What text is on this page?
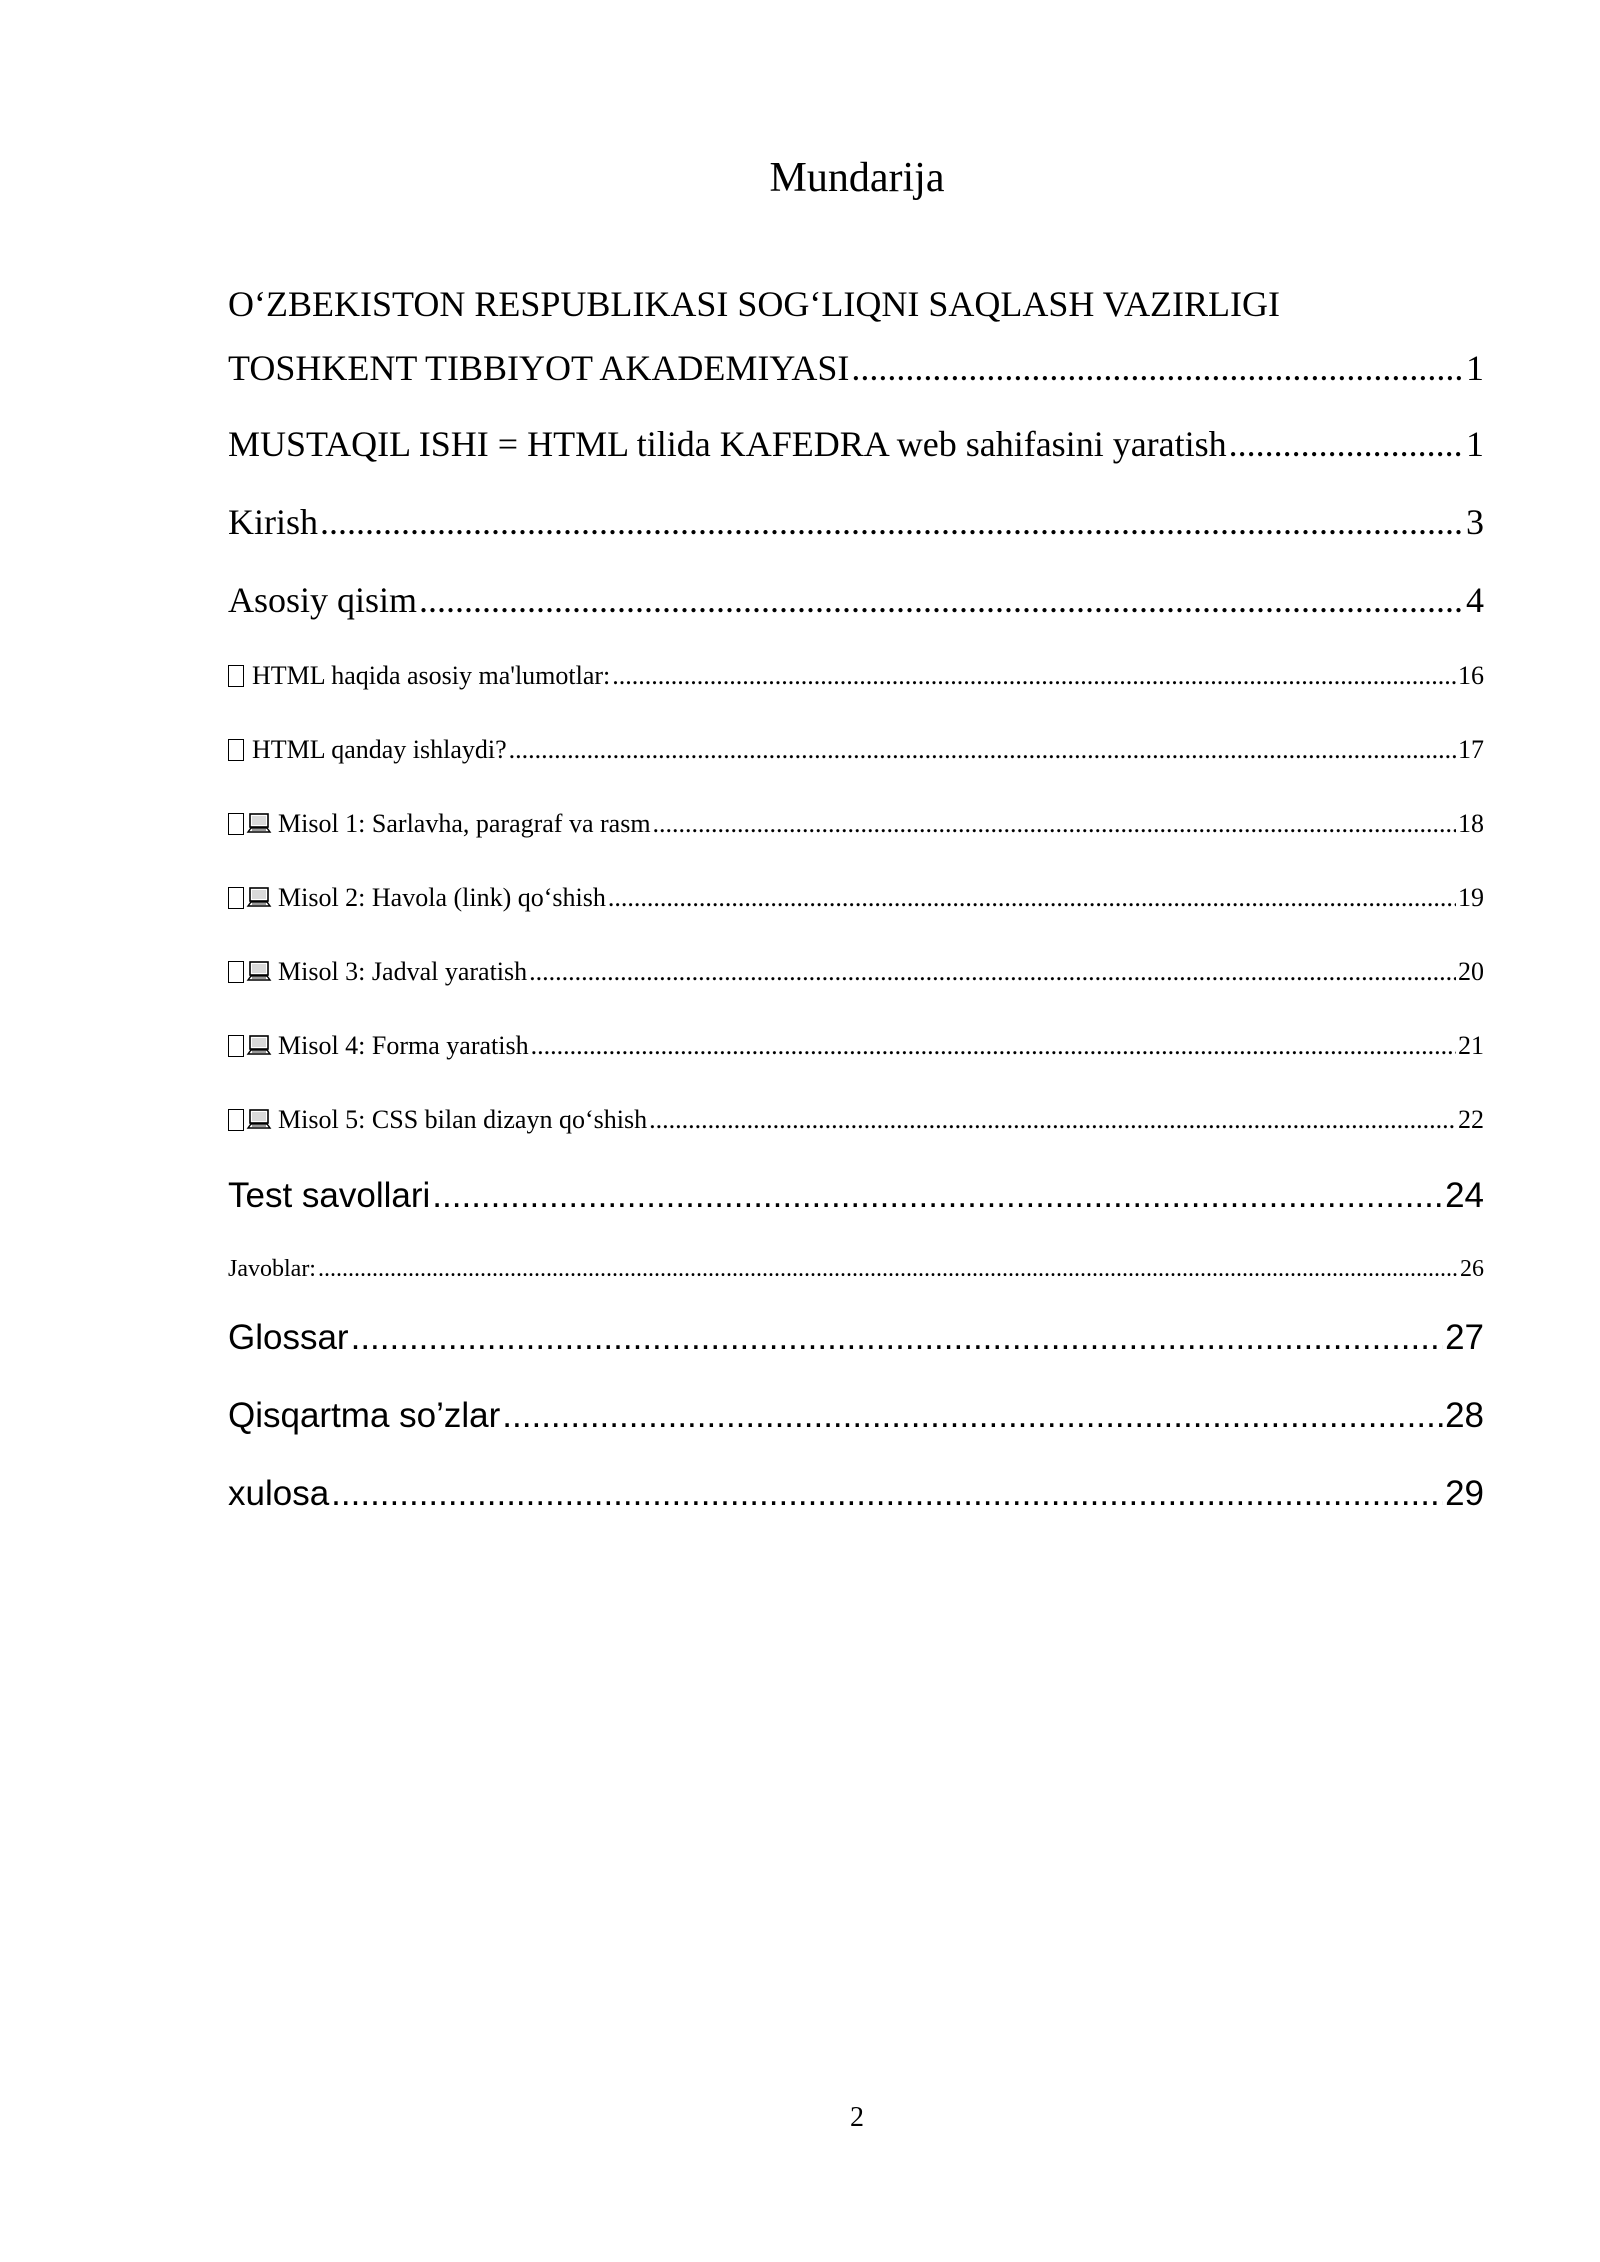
Mundarija
O‘ZBEKISTON RESPUBLIKASI SOG‘LIQNI SAQLASH VAZIRLIGI
TOSHKENT TIBBIYOT AKADEMIYASI .....	1
MUSTAQIL ISHI = HTML tilida KAFEDRA web sahifasini yaratish .....	1
Kirish .....	3
Asosiy qisim .....	4
HTML haqida asosiy ma'lumotlar: .....	16
HTML qanday ishlaydi? .....	17
Misol 1: Sarlavha, paragraf va rasm .....	18
Misol 2: Havola (link) qo‘shish .....	19
Misol 3: Jadval yaratish .....	20
Misol 4: Forma yaratish .....	21
Misol 5: CSS bilan dizayn qo‘shish .....	22
Test savollari .....	24
Javoblar: .....	26
Glossar .....	27
Qisqartma so’zlar .....	28
xulosa .....	29
2
